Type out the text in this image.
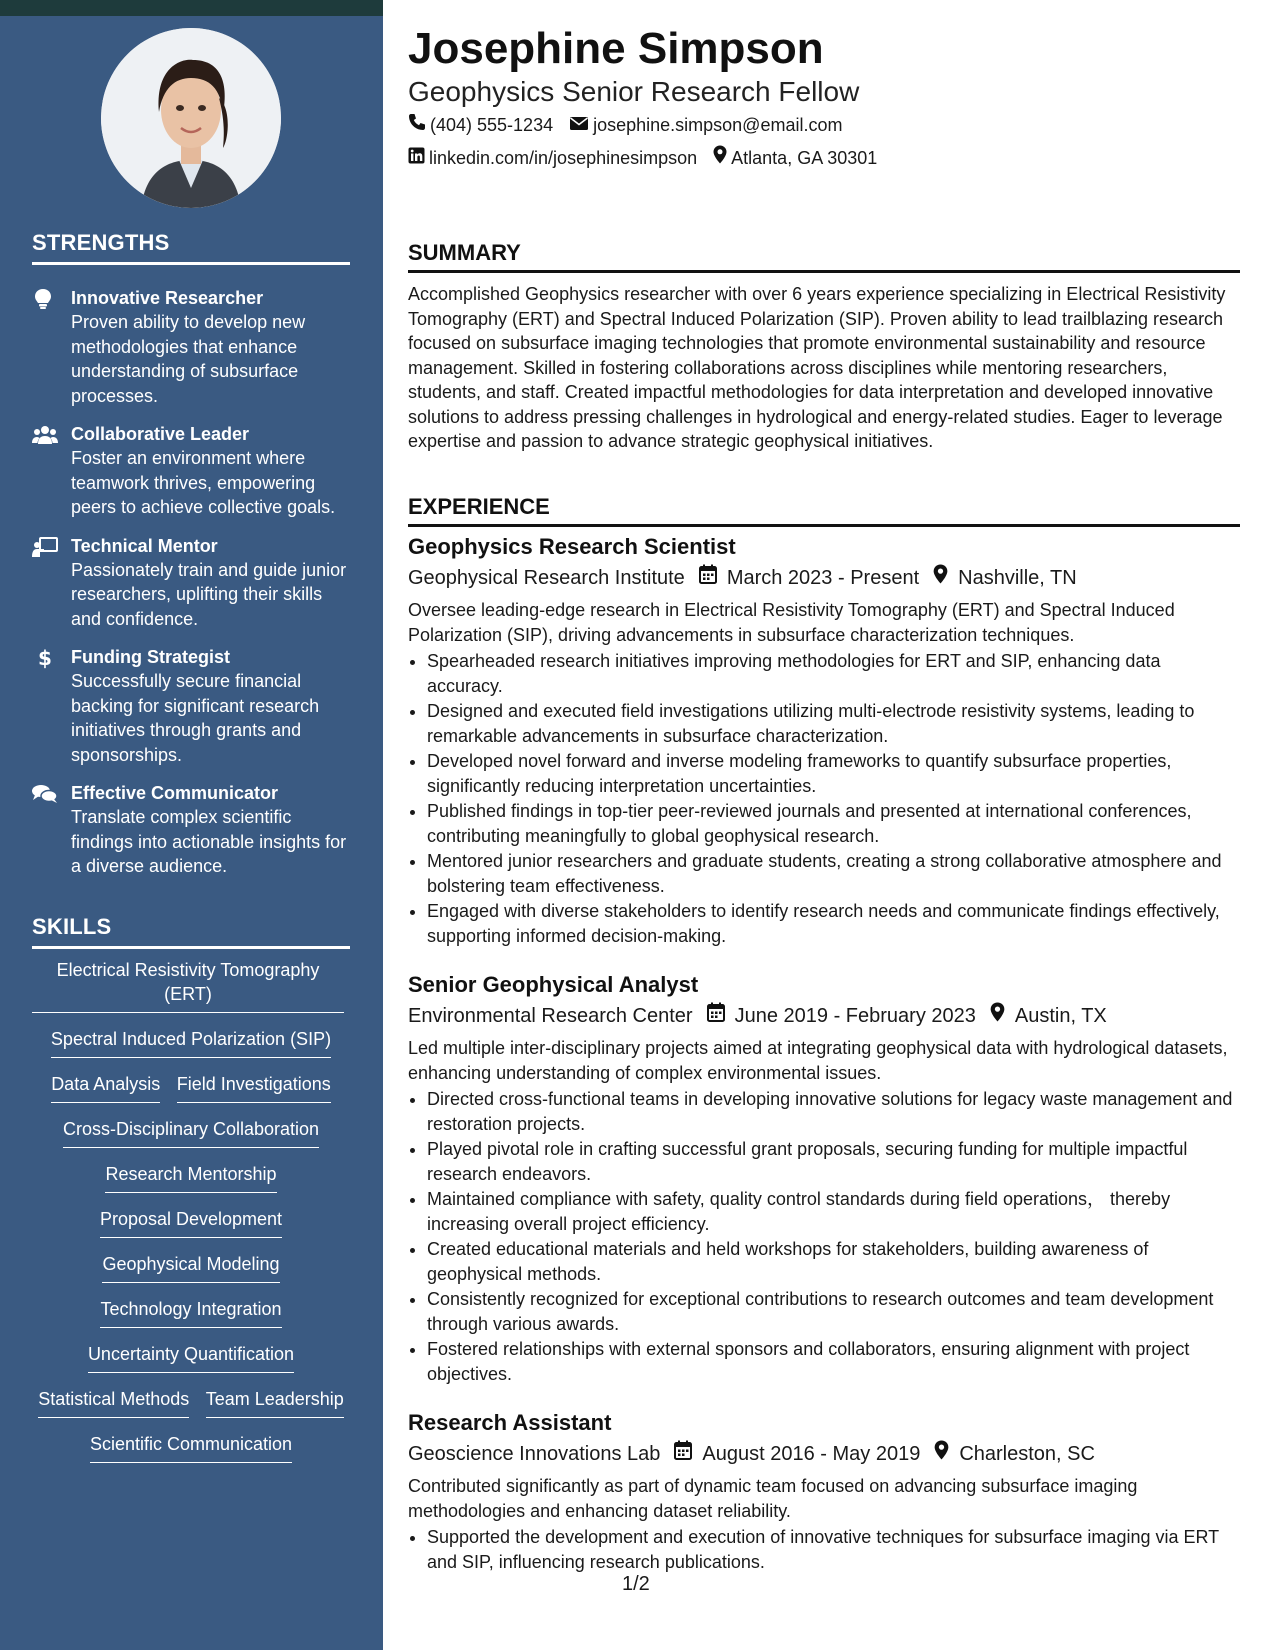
STRENGTHS
Innovative Researcher
Proven ability to develop new methodologies that enhance understanding of subsurface processes.
Collaborative Leader
Foster an environment where teamwork thrives, empowering peers to achieve collective goals.
Technical Mentor
Passionately train and guide junior researchers, uplifting their skills and confidence.
$ Funding Strategist
Successfully secure financial backing for significant research initiatives through grants and sponsorships.
Effective Communicator
Translate complex scientific findings into actionable insights for a diverse audience.
SKILLS
Electrical Resistivity Tomography (ERT)
Spectral Induced Polarization (SIP) Data Analysis Field Investigations Cross-Disciplinary Collaboration Research Mentorship Proposal Development Geophysical Modeling Technology Integration Uncertainty Quantification Statistical Methods Team Leadership Scientific Communication
Josephine Simpson
Geophysics Senior Research Fellow
(404) 555-1234 josephine.simpson@email.com
linkedin.com/in/josephinesimpson Atlanta, GA 30301
SUMMARY
Accomplished Geophysics researcher with over 6 years experience specializing in Electrical Resistivity Tomography (ERT) and Spectral Induced Polarization (SIP). Proven ability to lead trailblazing research focused on subsurface imaging technologies that promote environmental sustainability and resource management. Skilled in fostering collaborations across disciplines while mentoring researchers, students, and staff. Created impactful methodologies for data interpretation and developed innovative solutions to address pressing challenges in hydrological and energy-related studies. Eager to leverage expertise and passion to advance strategic geophysical initiatives.
EXPERIENCE
Geophysics Research Scientist
Geophysical Research Institute March 2023 - Present Nashville, TN
Oversee leading-edge research in Electrical Resistivity Tomography (ERT) and Spectral Induced Polarization (SIP), driving advancements in subsurface characterization techniques.
• Spearheaded research initiatives improving methodologies for ERT and SIP, enhancing data accuracy.
• Designed and executed field investigations utilizing multi-electrode resistivity systems, leading to remarkable advancements in subsurface characterization.
• Developed novel forward and inverse modeling frameworks to quantify subsurface properties, significantly reducing interpretation uncertainties.
• Published findings in top-tier peer-reviewed journals and presented at international conferences, contributing meaningfully to global geophysical research.
• Mentored junior researchers and graduate students, creating a strong collaborative atmosphere and bolstering team effectiveness.
• Engaged with diverse stakeholders to identify research needs and communicate findings effectively, supporting informed decision-making.
Senior Geophysical Analyst
Environmental Research Center June 2019 - February 2023 Austin, TX
Led multiple inter-disciplinary projects aimed at integrating geophysical data with hydrological datasets, enhancing understanding of complex environmental issues.
• Directed cross-functional teams in developing innovative solutions for legacy waste management and restoration projects.
• Played pivotal role in crafting successful grant proposals, securing funding for multiple impactful research endeavors.
• Maintained compliance with safety, quality control standards during field operations， thereby increasing overall project efficiency.
• Created educational materials and held workshops for stakeholders, building awareness of geophysical methods.
• Consistently recognized for exceptional contributions to research outcomes and team development through various awards.
• Fostered relationships with external sponsors and collaborators, ensuring alignment with project objectives.
Research Assistant
Geoscience Innovations Lab August 2016 - May 2019 Charleston, SC
Contributed significantly as part of dynamic team focused on advancing subsurface imaging methodologies and enhancing dataset reliability.
• Supported the development and execution of innovative techniques for subsurface imaging via ERT and SIP, influencing research publications.
1/2
